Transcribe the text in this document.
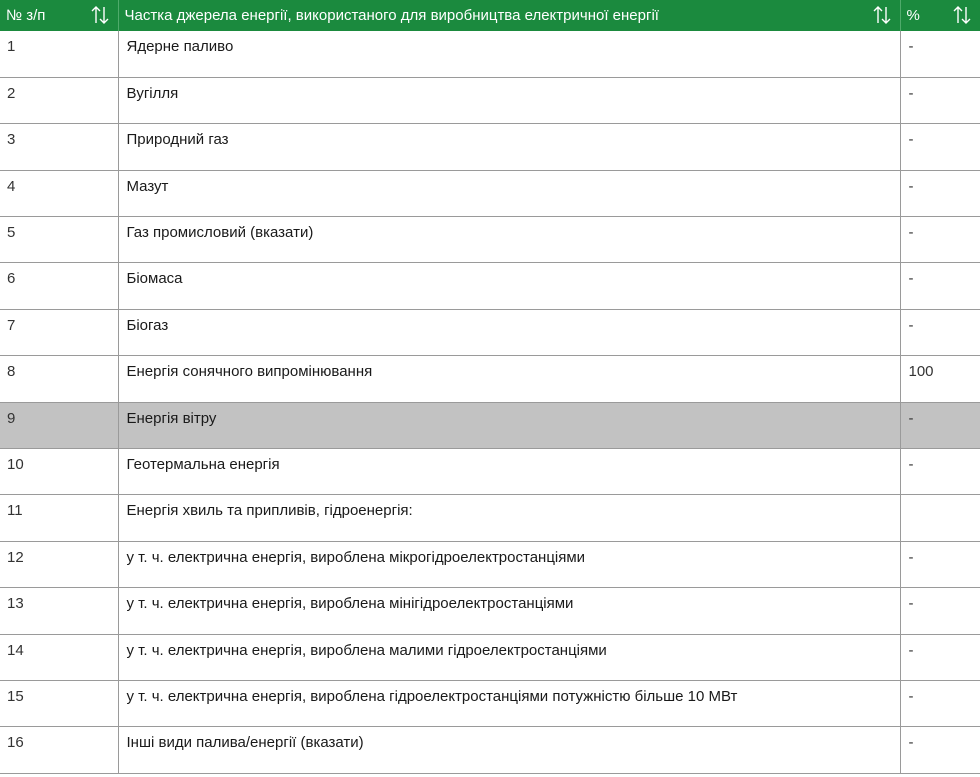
№ з/п	Частка джерела енергії, використаного для виробництва електричної енергії	%

1	Ядерне паливо	-
2	Вугілля	-
3	Природний газ	-
4	Мазут	-
5	Газ промисловий (вказати)	-
6	Біомаса	-
7	Біогаз	-
8	Енергія сонячного випромінювання	100
9	Енергія вітру	-
10	Геотермальна енергія	-
11	Енергія хвиль та припливів, гідроенергія:	
12	у т. ч. електрична енергія, вироблена мікрогідроелектростанціями	-
13	у т. ч. електрична енергія, вироблена мінігідроелектростанціями	-
14	у т. ч. електрична енергія, вироблена малими гідроелектростанціями	-
15	у т. ч. електрична енергія, вироблена гідроелектростанціями потужністю більше 10 МВт	-
16	Інші види палива/енергії (вказати)	-
